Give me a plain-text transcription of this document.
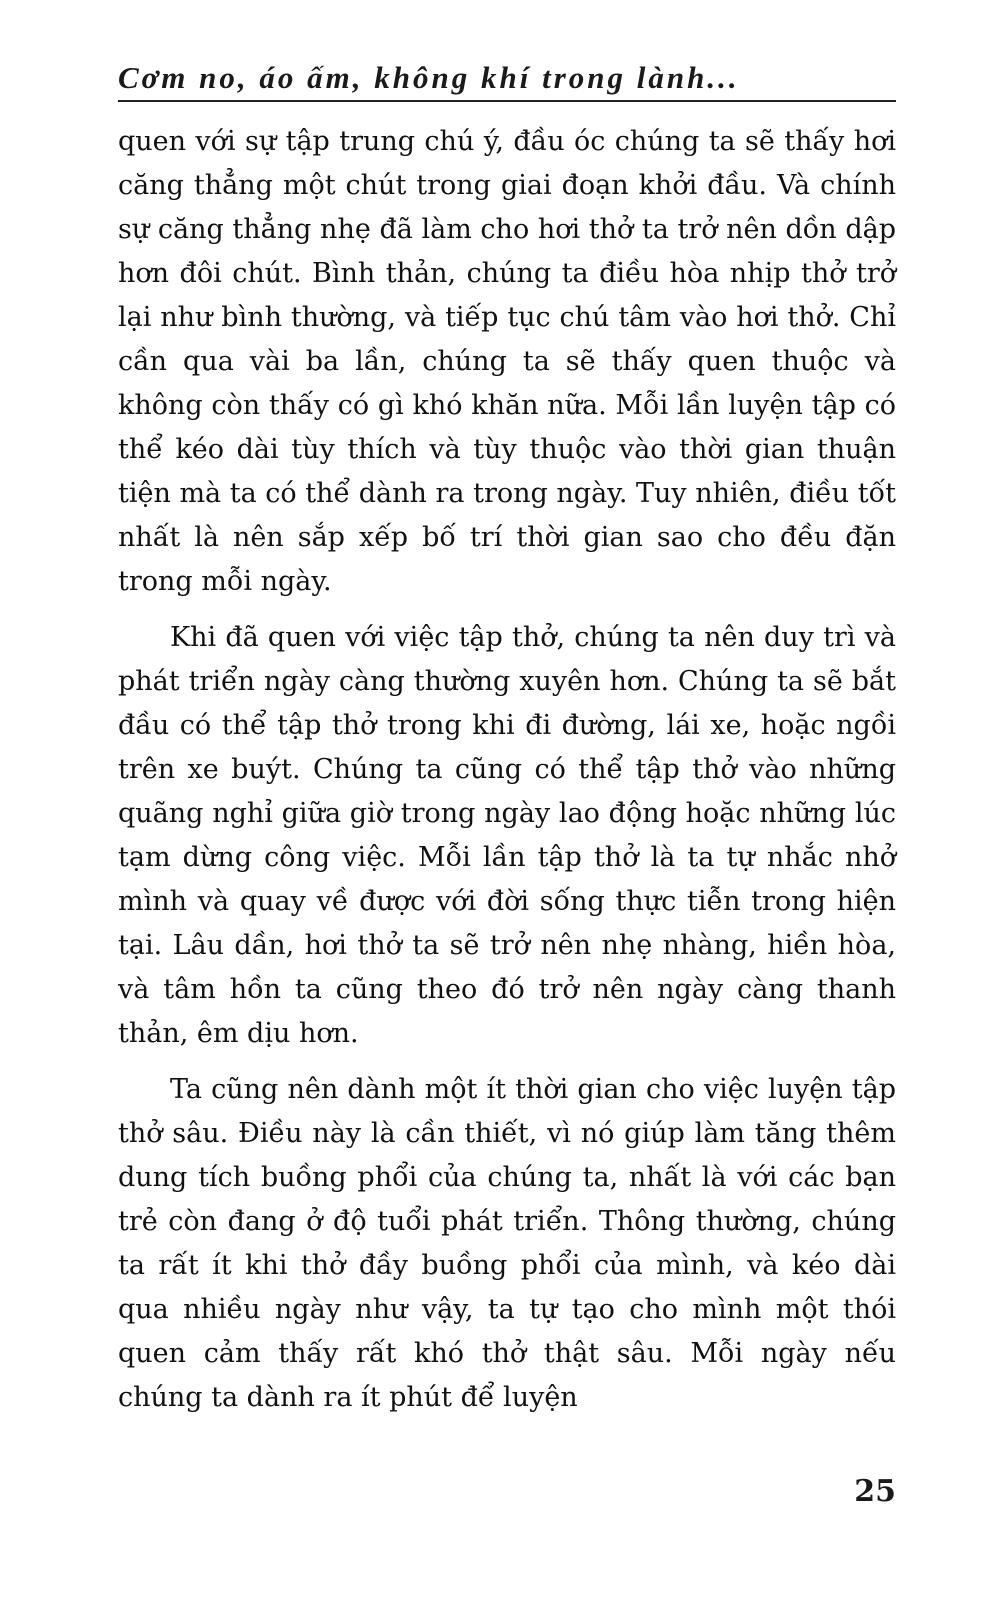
Cơm no, áo ấm, không khí trong lành...

quen với sự tập trung chú ý, đầu óc chúng ta sẽ thấy hơi căng thẳng một chút trong giai đoạn khởi đầu. Và chính sự căng thẳng nhẹ đã làm cho hơi thở ta trở nên dồn dập hơn đôi chút. Bình thản, chúng ta điều hòa nhịp thở trở lại như bình thường, và tiếp tục chú tâm vào hơi thở. Chỉ cần qua vài ba lần, chúng ta sẽ thấy quen thuộc và không còn thấy có gì khó khăn nữa. Mỗi lần luyện tập có thể kéo dài tùy thích và tùy thuộc vào thời gian thuận tiện mà ta có thể dành ra trong ngày. Tuy nhiên, điều tốt nhất là nên sắp xếp bố trí thời gian sao cho đều đặn trong mỗi ngày.

Khi đã quen với việc tập thở, chúng ta nên duy trì và phát triển ngày càng thường xuyên hơn. Chúng ta sẽ bắt đầu có thể tập thở trong khi đi đường, lái xe, hoặc ngồi trên xe buýt. Chúng ta cũng có thể tập thở vào những quãng nghỉ giữa giờ trong ngày lao động hoặc những lúc tạm dừng công việc. Mỗi lần tập thở là ta tự nhắc nhở mình và quay về được với đời sống thực tiễn trong hiện tại. Lâu dần, hơi thở ta sẽ trở nên nhẹ nhàng, hiền hòa, và tâm hồn ta cũng theo đó trở nên ngày càng thanh thản, êm dịu hơn.

Ta cũng nên dành một ít thời gian cho việc luyện tập thở sâu. Điều này là cần thiết, vì nó giúp làm tăng thêm dung tích buồng phổi của chúng ta, nhất là với các bạn trẻ còn đang ở độ tuổi phát triển. Thông thường, chúng ta rất ít khi thở đầy buồng phổi của mình, và kéo dài qua nhiều ngày như vậy, ta tự tạo cho mình một thói quen cảm thấy rất khó thở thật sâu. Mỗi ngày nếu chúng ta dành ra ít phút để luyện

25
